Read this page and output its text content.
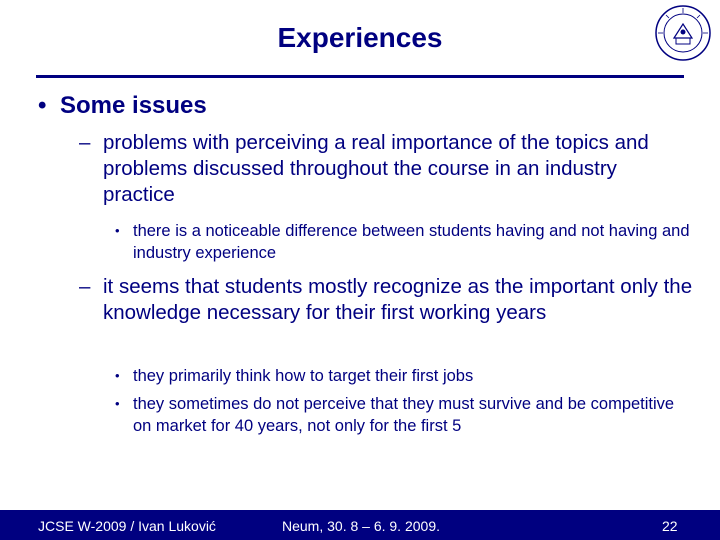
Experiences
• Some issues
– problems with perceiving a real importance of the topics and problems discussed throughout the course in an industry practice
• there is a noticeable difference between students having and not having and industry experience
– it seems that students mostly recognize as the important only the knowledge necessary for their first working years
• they primarily think how to target their first jobs
• they sometimes do not perceive that they must survive and be competitive on market for 40 years, not only for the first 5
JCSE W-2009 / Ivan Luković	Neum, 30. 8 – 6. 9. 2009.	22
